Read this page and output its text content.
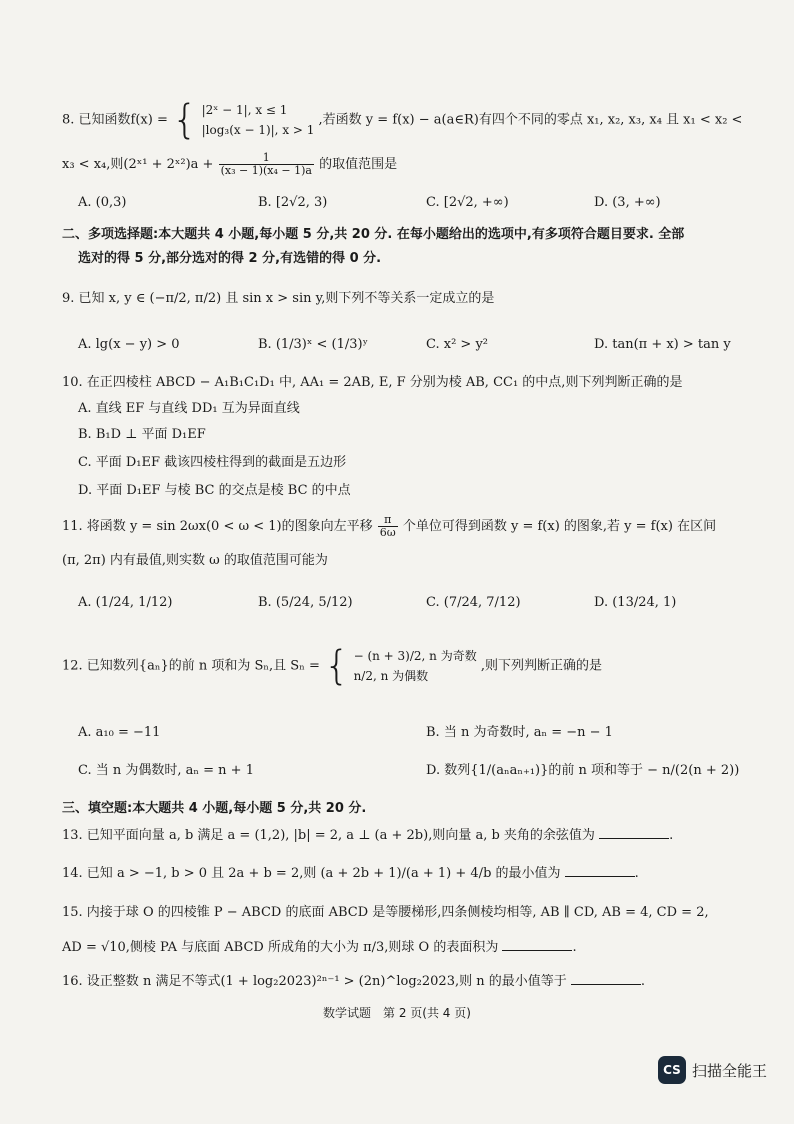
8. 已知函数f(x) = { |2ˣ − 1|, x ≤ 1
|log₃(x − 1)|, x > 1
,若函数 y = f(x) − a(a∈R)有四个不同的零点 x₁, x₂, x₃, x₄ 且 x₁ < x₂ <
x₃ < x₄,则(2ˣ¹ + 2ˣ²)a + $\frac{1}{\text{(x₃ − 1)(x₄ − 1)a}}$ 的取值范围是
A. (0,3)	B. [2√2, 3)	C. [2√2, +∞)	D. (3, +∞)
二、多项选择题:本大题共 4 小题,每小题 5 分,共 20 分. 在每小题给出的选项中,有多项符合题目要求. 全部
选对的得 5 分,部分选对的得 2 分,有选错的得 0 分.
9. 已知 x, y ∈ (−π/2, π/2) 且 sin x > sin y,则下列不等关系一定成立的是
A. lg(x − y) > 0	B. (1/3)ˣ < (1/3)ʸ	C. x² > y²	D. tan(π + x) > tan y
10. 在正四棱柱 ABCD − A₁B₁C₁D₁ 中, AA₁ = 2AB, E, F 分别为棱 AB, CC₁ 的中点,则下列判断正确的是
A. 直线 EF 与直线 DD₁ 互为异面直线
B. B₁D ⊥ 平面 D₁EF
C. 平面 D₁EF 截该四棱柱得到的截面是五边形
D. 平面 D₁EF 与棱 BC 的交点是棱 BC 的中点
11. 将函数 y = sin 2ωx(0 < ω < 1)的图象向左平移 $\frac{\pi}{6\omega}$ 个单位可得到函数 y = f(x) 的图象,若 y = f(x) 在区间
(π, 2π) 内有最值,则实数 ω 的取值范围可能为
A. (1/24, 1/12)	B. (5/24, 5/12)	C. (7/24, 7/12)	D. (13/24, 1)
12. 已知数列{aₙ}的前 n 项和为 Sₙ,且 Sₙ = { − (n + 3)/2, n 为奇数
n/2, n 为偶数
,则下列判断正确的是
A. a₁₀ = −11	B. 当 n 为奇数时, aₙ = −n − 1
C. 当 n 为偶数时, aₙ = n + 1	D. 数列{1/(aₙaₙ₊₁)}的前 n 项和等于 − n/(2(n + 2))
三、填空题:本大题共 4 小题,每小题 5 分,共 20 分.
13. 已知平面向量 a, b 满足 a = (1,2), |b| = 2, a ⊥ (a + 2b),则向量 a, b 夹角的余弦值为	.
14. 已知 a > −1, b > 0 且 2a + b = 2,则 (a + 2b + 1)/(a + 1) + 4/b 的最小值为	.
15. 内接于球 O 的四棱锥 P − ABCD 的底面 ABCD 是等腰梯形,四条侧棱均相等, AB ∥ CD, AB = 4, CD = 2,
AD = √10,侧棱 PA 与底面 ABCD 所成角的大小为 π/3,则球 O 的表面积为	.
16. 设正整数 n 满足不等式(1 + log₂2023)²ⁿ⁻¹ > (2n)^log₂2023,则 n 的最小值等于	.
数学试题　第 2 页(共 4 页)
CS 扫描全能王
